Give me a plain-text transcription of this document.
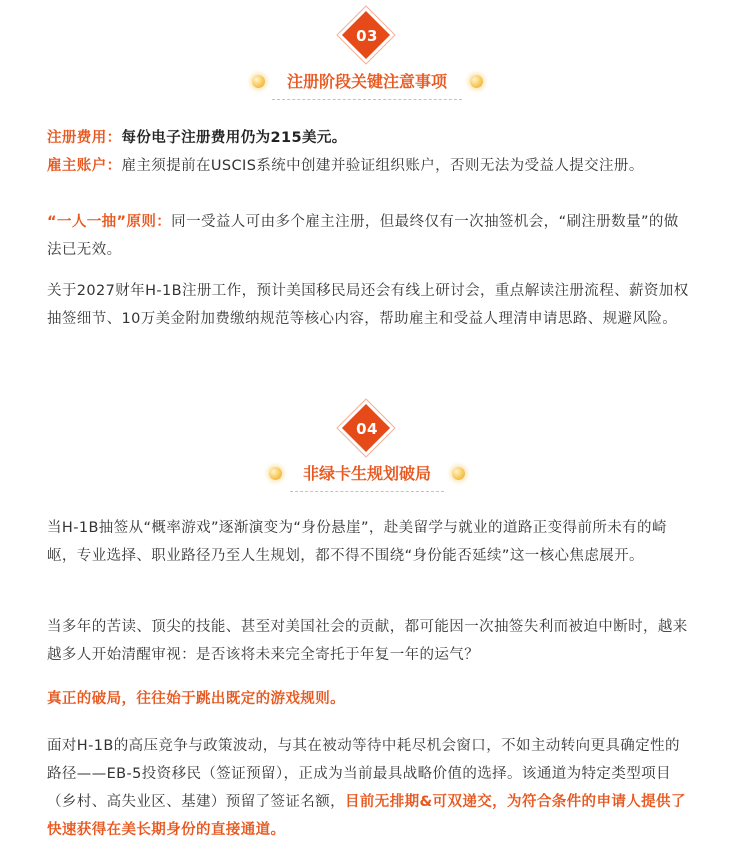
03
注册阶段关键注意事项
注册费用：每份电子注册费用仍为215美元。
雇主账户：雇主须提前在USCIS系统中创建并验证组织账户，否则无法为受益人提交注册。
“一人一抽”原则：同一受益人可由多个雇主注册，但最终仅有一次抽签机会，“刷注册数量”的做法已无效。
关于2027财年H-1B注册工作，预计美国移民局还会有线上研讨会，重点解读注册流程、薪资加权抽签细节、10万美金附加费缴纳规范等核心内容，帮助雇主和受益人理清申请思路、规避风险。
04
非绿卡生规划破局
当H-1B抽签从“概率游戏”逐渐演变为“身份悬崖”，赴美留学与就业的道路正变得前所未有的崎岖，专业选择、职业路径乃至人生规划，都不得不围绕“身份能否延续”这一核心焦虑展开。
当多年的苦读、顶尖的技能、甚至对美国社会的贡献，都可能因一次抽签失利而被迫中断时，越来越多人开始清醒审视：是否该将未来完全寄托于年复一年的运气？
真正的破局，往往始于跳出既定的游戏规则。
面对H-1B的高压竞争与政策波动，与其在被动等待中耗尽机会窗口，不如主动转向更具确定性的路径——EB-5投资移民（签证预留），正成为当前最具战略价值的选择。该通道为特定类型项目（乡村、高失业区、基建）预留了签证名额，目前无排期&可双递交，为符合条件的申请人提供了快速获得在美长期身份的直接通道。
